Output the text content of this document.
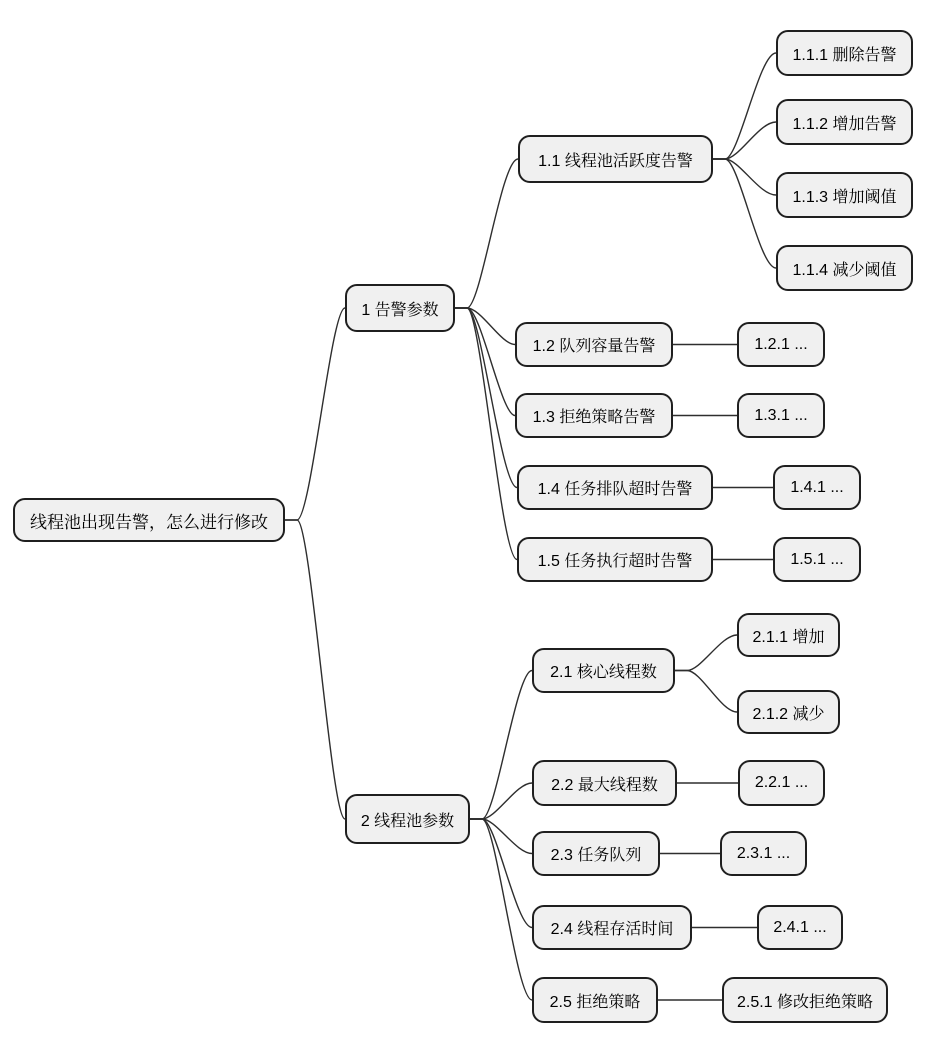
线程池出现告警，怎么进行修改
1 告警参数
1.1 线程池活跃度告警
1.1.1 删除告警
1.1.2 增加告警
1.1.3 增加阈值
1.1.4 减少阈值
1.2 队列容量告警	1.2.1 ...
1.3 拒绝策略告警	1.3.1 ...
1.4 任务排队超时告警	1.4.1 ...
1.5 任务执行超时告警	1.5.1 ...
2 线程池参数
2.1 核心线程数
2.1.1 增加
2.1.2 减少
2.2 最大线程数	2.2.1 ...
2.3 任务队列	2.3.1 ...
2.4 线程存活时间	2.4.1 ...
2.5 拒绝策略	2.5.1 修改拒绝策略
